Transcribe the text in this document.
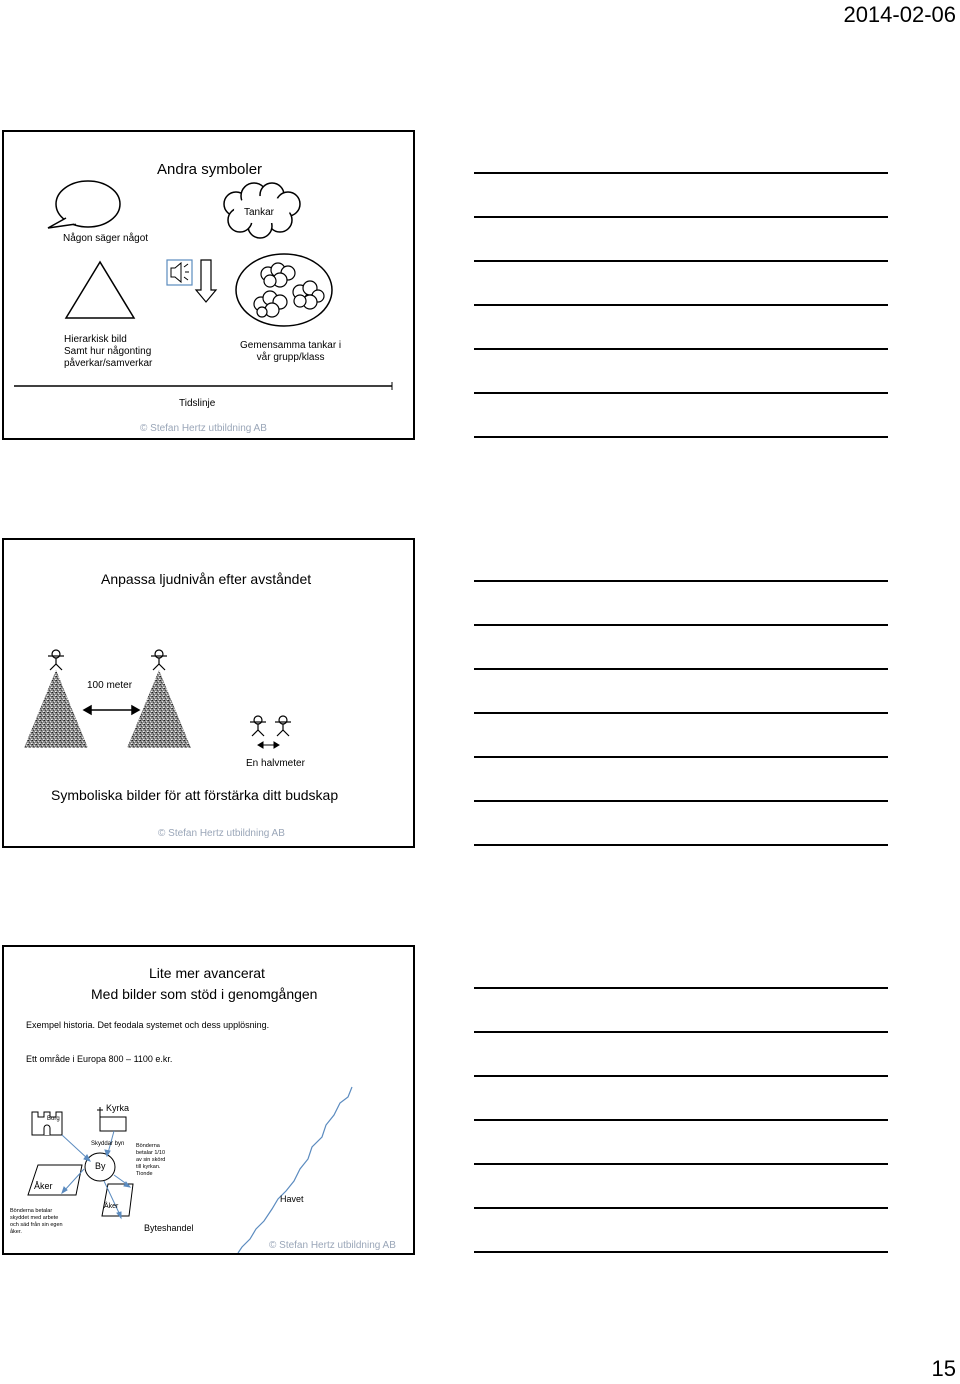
2014-02-06
Andra symboler
Tankar
Någon säger något
Hierarkisk bild
Samt hur någonting
påverkar/samverkar
Gemensamma tankar i
vår grupp/klass
Tidslinje
© Stefan Hertz utbildning AB
Anpassa ljudnivån efter avståndet
100 meter
En halvmeter
Symboliska bilder för att förstärka ditt budskap
© Stefan Hertz utbildning AB
Lite mer avancerat
Med bilder som stöd i genomgången
Exempel historia. Det feodala systemet och dess upplösning.
Ett område i Europa 800 – 1100 e.kr.
Borg
Kyrka
Skyddar byn
By
Bönderna
betalar 1/10
av sin skörd
till kyrkan.
Tionde
Åker
Åker
Havet
Bönderna betalar
skyddet med arbete
och säd från sin egen
åker.	Byteshandel
© Stefan Hertz utbildning AB
15
